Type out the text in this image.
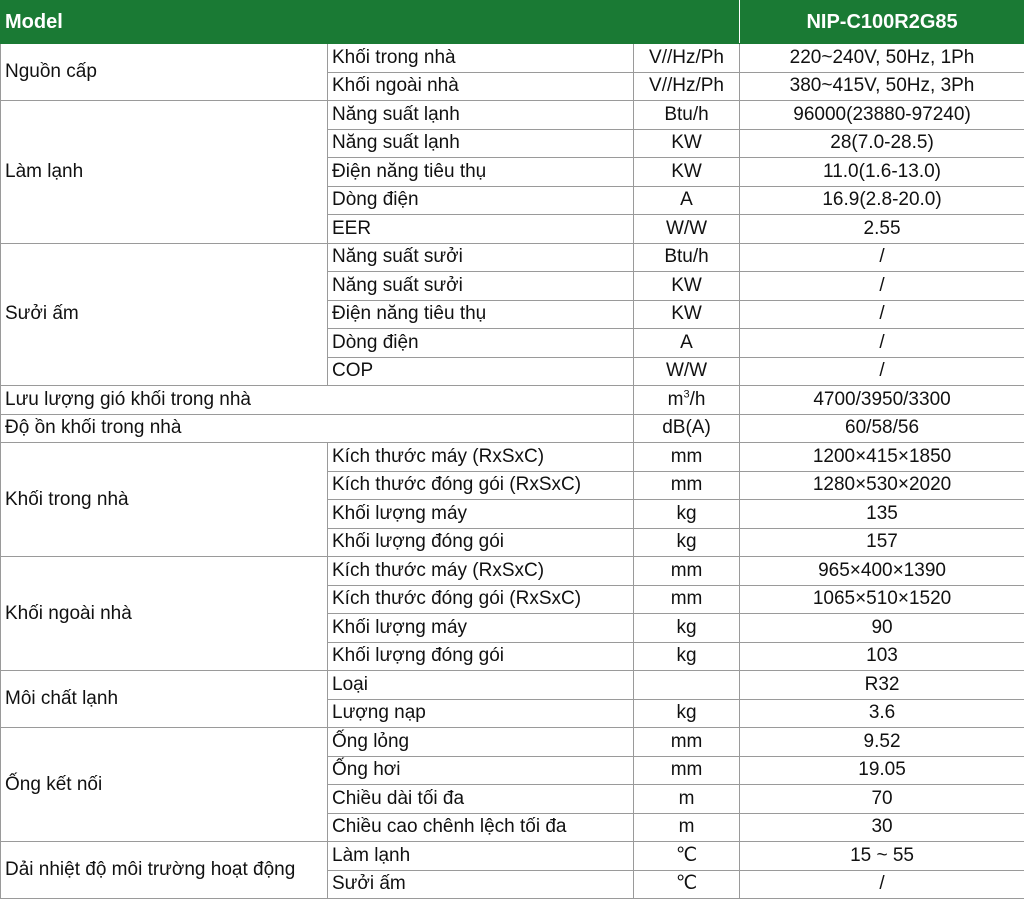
Model			NIP-C100R2G85
Nguồn cấp	Khối trong nhà	V//Hz/Ph	220~240V, 50Hz, 1Ph
	Khối ngoài nhà	V//Hz/Ph	380~415V, 50Hz, 3Ph
Làm lạnh	Năng suất lạnh	Btu/h	96000(23880-97240)
	Năng suất lạnh	KW	28(7.0-28.5)
	Điện năng tiêu thụ	KW	11.0(1.6-13.0)
	Dòng điện	A	16.9(2.8-20.0)
	EER	W/W	2.55
Sưởi ấm	Năng suất sưởi	Btu/h	/
	Năng suất sưởi	KW	/
	Điện năng tiêu thụ	KW	/
	Dòng điện	A	/
	COP	W/W	/
Lưu lượng gió khối trong nhà		$m^3/h$	4700/3950/3300
Độ ồn khối trong nhà		dB(A)	60/58/56
Khối trong nhà	Kích thước máy (RxSxC)	mm	1200×415×1850
	Kích thước đóng gói (RxSxC)	mm	1280×530×2020
	Khối lượng máy	kg	135
	Khối lượng đóng gói	kg	157
Khối ngoài nhà	Kích thước máy (RxSxC)	mm	965×400×1390
	Kích thước đóng gói (RxSxC)	mm	1065×510×1520
	Khối lượng máy	kg	90
	Khối lượng đóng gói	kg	103
Môi chất lạnh	Loại		R32
	Lượng nạp	kg	3.6
Ống kết nối	Ống lỏng	mm	9.52
	Ống hơi	mm	19.05
	Chiều dài tối đa	m	70
	Chiều cao chênh lệch tối đa	m	30
Dải nhiệt độ môi trường hoạt động	Làm lạnh	℃	15 ~ 55
	Sưởi ấm	℃	/
